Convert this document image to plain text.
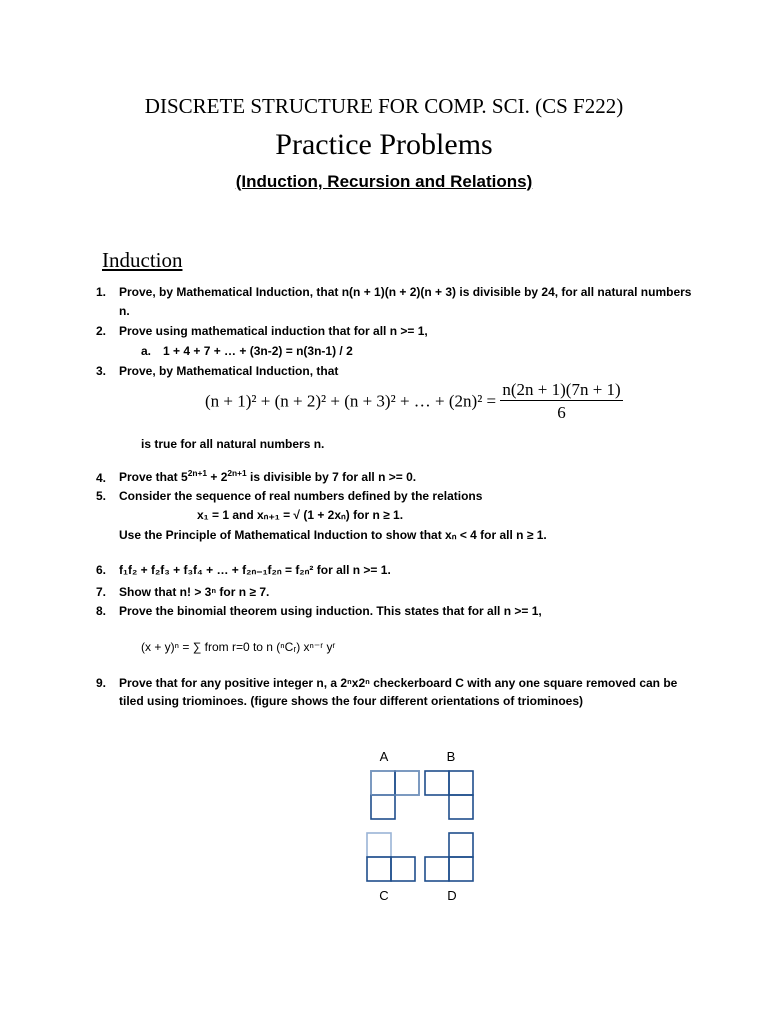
DISCRETE STRUCTURE FOR COMP. SCI. (CS F222)
Practice Problems
(Induction, Recursion and Relations)
Induction
1. Prove, by Mathematical Induction, that n(n + 1)(n + 2)(n + 3) is divisible by 24, for all natural numbers
n.
2. Prove using mathematical induction that for all n >= 1,
a. 1 + 4 + 7 + … + (3n-2) = n(3n-1) / 2
3. Prove, by Mathematical Induction, that
(n + 1)² + (n + 2)² + (n + 3)² + … + $(2n)^2 = \frac{n(2n + 1)(7n + 1)}{6}$
is true for all natural numbers n.
4. Prove that $5^{2n+1} + 2^{2n+1}$ is divisible by 7 for all n >= 0.
5. Consider the sequence of real numbers defined by the relations
x₁ = 1 and xₙ₊₁ = √ (1 + 2xₙ) for n ≥ 1.
Use the Principle of Mathematical Induction to show that xₙ < 4 for all n ≥ 1.
6. f₁f₂ + f₂f₃ + f₃f₄ + … + f₂ₙ₋₁f₂ₙ = f₂ₙ² for all n >= 1.
7. Show that n! > 3ⁿ for n ≥ 7.
8. Prove the binomial theorem using induction. This states that for all n >= 1,
(x + y)ⁿ = ∑ from r=0 to n (ⁿCᵣ) xⁿ⁻ʳ yʳ
9. Prove that for any positive integer n, a 2ⁿx2ⁿ checkerboard C with any one square removed can be
tiled using triominoes. (figure shows the four different orientations of triominoes)
A	B
C	D
